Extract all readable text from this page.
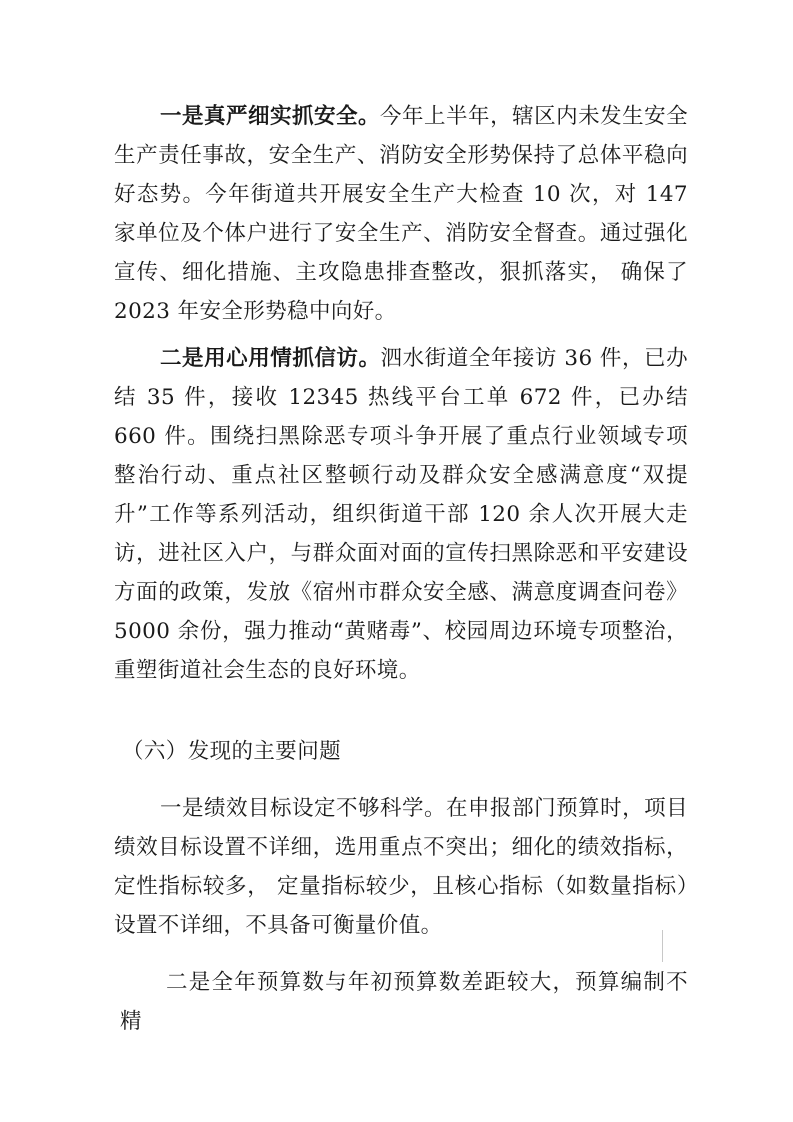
一是真严细实抓安全。今年上半年，辖区内未发生安全生产责任事故，安全生产、消防安全形势保持了总体平稳向好态势。今年街道共开展安全生产大检查 10 次，对 147 家单位及个体户进行了安全生产、消防安全督查。通过强化宣传、细化措施、主攻隐患排查整改，狠抓落实， 确保了 2023 年安全形势稳中向好。

二是用心用情抓信访。泗水街道全年接访 36 件，已办结 35 件，接收 12345 热线平台工单 672 件，已办结 660 件。围绕扫黑除恶专项斗争开展了重点行业领域专项整治行动、重点社区整顿行动及群众安全感满意度“双提升”工作等系列活动，组织街道干部 120 余人次开展大走访，进社区入户，与群众面对面的宣传扫黑除恶和平安建设方面的政策，发放《宿州市群众安全感、满意度调查问卷》5000 余份，强力推动“黄赌毒”、校园周边环境专项整治，重塑街道社会生态的良好环境。

（六）发现的主要问题

一是绩效目标设定不够科学。在申报部门预算时，项目绩效目标设置不详细，选用重点不突出；细化的绩效指标，定性指标较多， 定量指标较少，且核心指标（如数量指标）设置不详细，不具备可衡量价值。

二是全年预算数与年初预算数差距较大，预算编制不精
